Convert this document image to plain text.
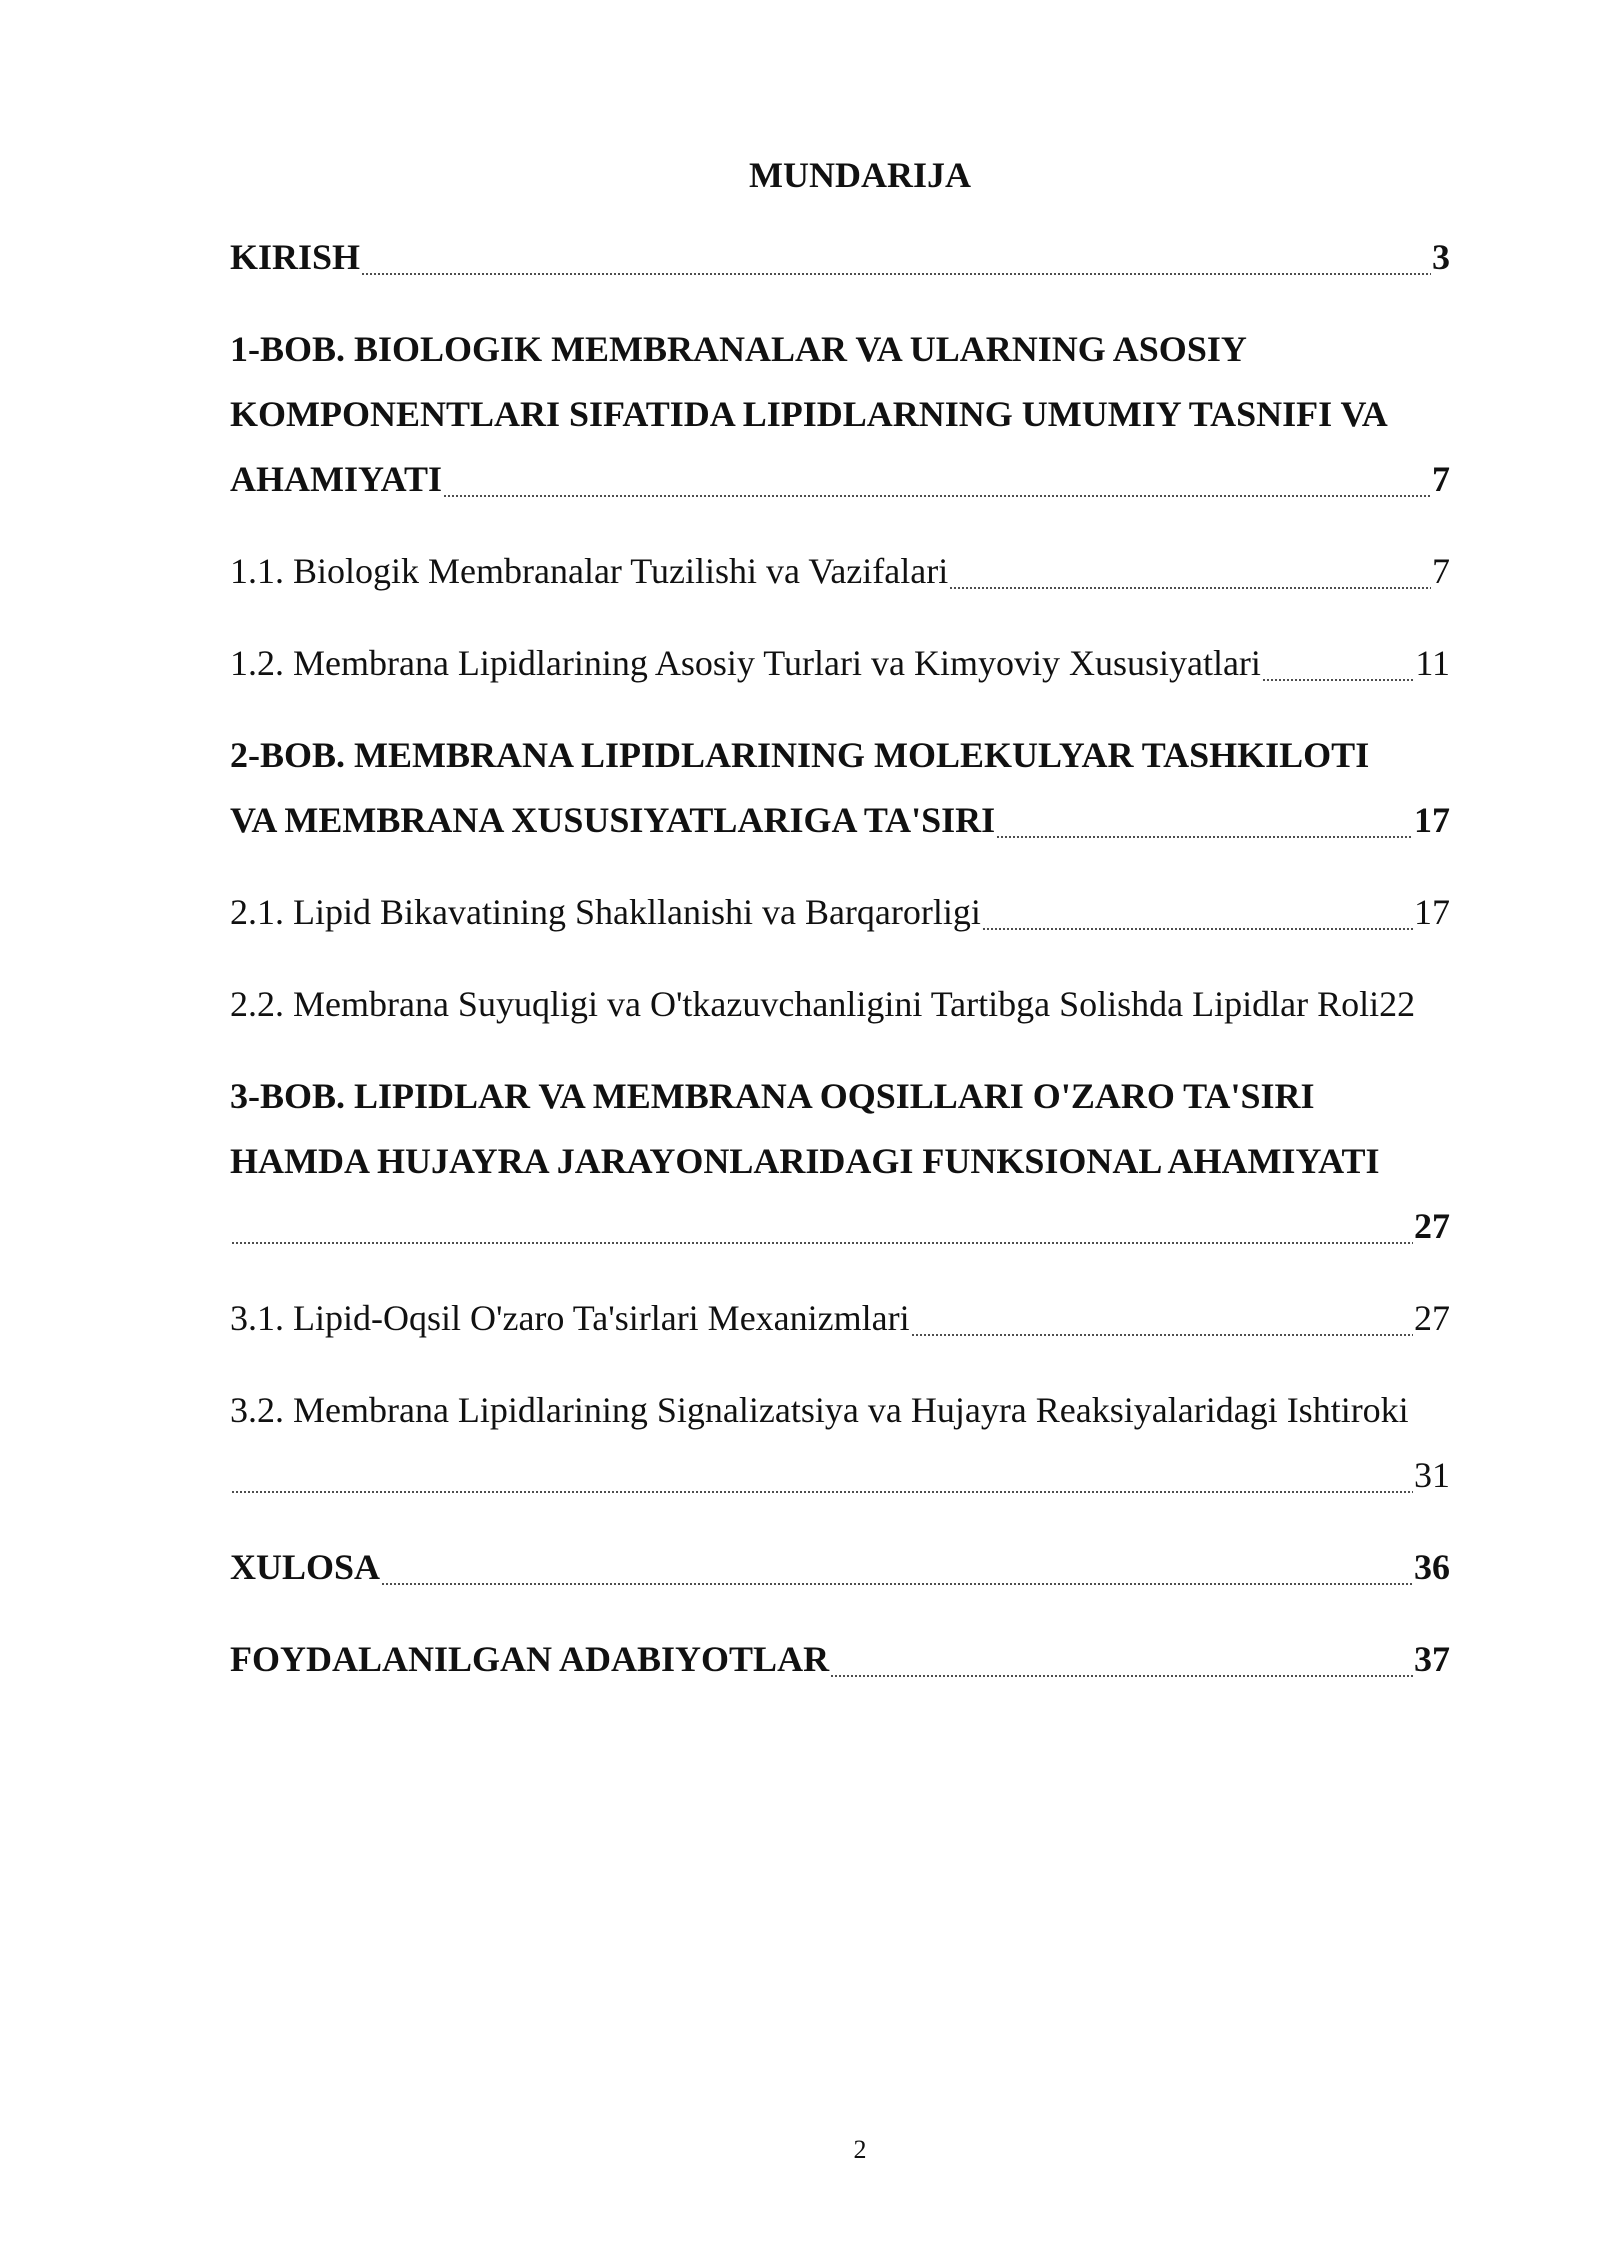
MUNDARIJA
KIRISH	3
1-BOB. BIOLOGIK MEMBRANALAR VA ULARNING ASOSIY
KOMPONENTLARI SIFATIDA LIPIDLARNING UMUMIY TASNIFI VA
AHAMIYATI	7
1.1. Biologik Membranalar Tuzilishi va Vazifalari	7
1.2. Membrana Lipidlarining Asosiy Turlari va Kimyoviy Xususiyatlari	11
2-BOB. MEMBRANA LIPIDLARINING MOLEKULYAR TASHKILOTI
VA MEMBRANA XUSUSIYATLARIGA TA'SIRI	17
2.1. Lipid Bikavatining Shakllanishi va Barqarorligi	17
2.2. Membrana Suyuqligi va O'tkazuvchanligini Tartibga Solishda Lipidlar Roli 22
3-BOB. LIPIDLAR VA MEMBRANA OQSILLARI O'ZARO TA'SIRI
HAMDA HUJAYRA JARAYONLARIDAGI FUNKSIONAL AHAMIYATI
27
3.1. Lipid-Oqsil O'zaro Ta'sirlari Mexanizmlari	27
3.2. Membrana Lipidlarining Signalizatsiya va Hujayra Reaksiyalaridagi Ishtiroki
31
XULOSA	36
FOYDALANILGAN ADABIYOTLAR	37
2
